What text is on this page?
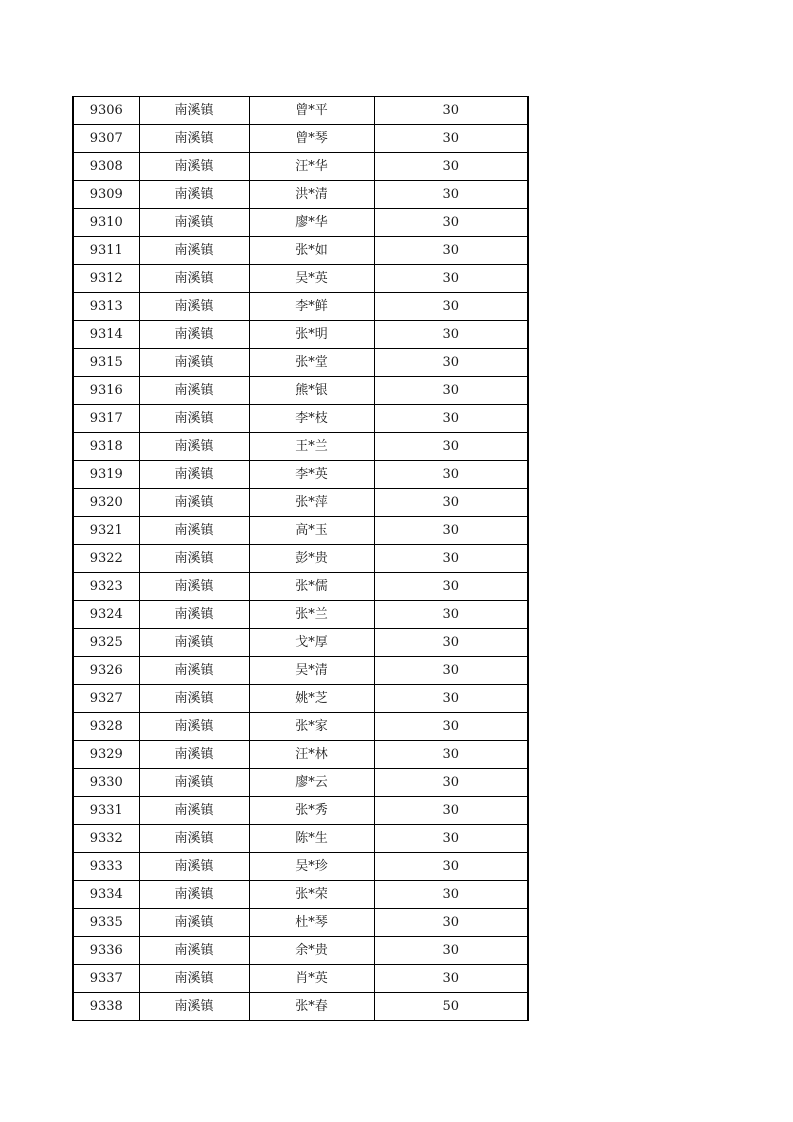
9306	南溪镇	曾*平	30
9307	南溪镇	曾*琴	30
9308	南溪镇	汪*华	30
9309	南溪镇	洪*清	30
9310	南溪镇	廖*华	30
9311	南溪镇	张*如	30
9312	南溪镇	吴*英	30
9313	南溪镇	李*鲜	30
9314	南溪镇	张*明	30
9315	南溪镇	张*堂	30
9316	南溪镇	熊*银	30
9317	南溪镇	李*枝	30
9318	南溪镇	王*兰	30
9319	南溪镇	李*英	30
9320	南溪镇	张*萍	30
9321	南溪镇	高*玉	30
9322	南溪镇	彭*贵	30
9323	南溪镇	张*儒	30
9324	南溪镇	张*兰	30
9325	南溪镇	戈*厚	30
9326	南溪镇	吴*清	30
9327	南溪镇	姚*芝	30
9328	南溪镇	张*家	30
9329	南溪镇	汪*林	30
9330	南溪镇	廖*云	30
9331	南溪镇	张*秀	30
9332	南溪镇	陈*生	30
9333	南溪镇	吴*珍	30
9334	南溪镇	张*荣	30
9335	南溪镇	杜*琴	30
9336	南溪镇	余*贵	30
9337	南溪镇	肖*英	30
9338	南溪镇	张*春	50
